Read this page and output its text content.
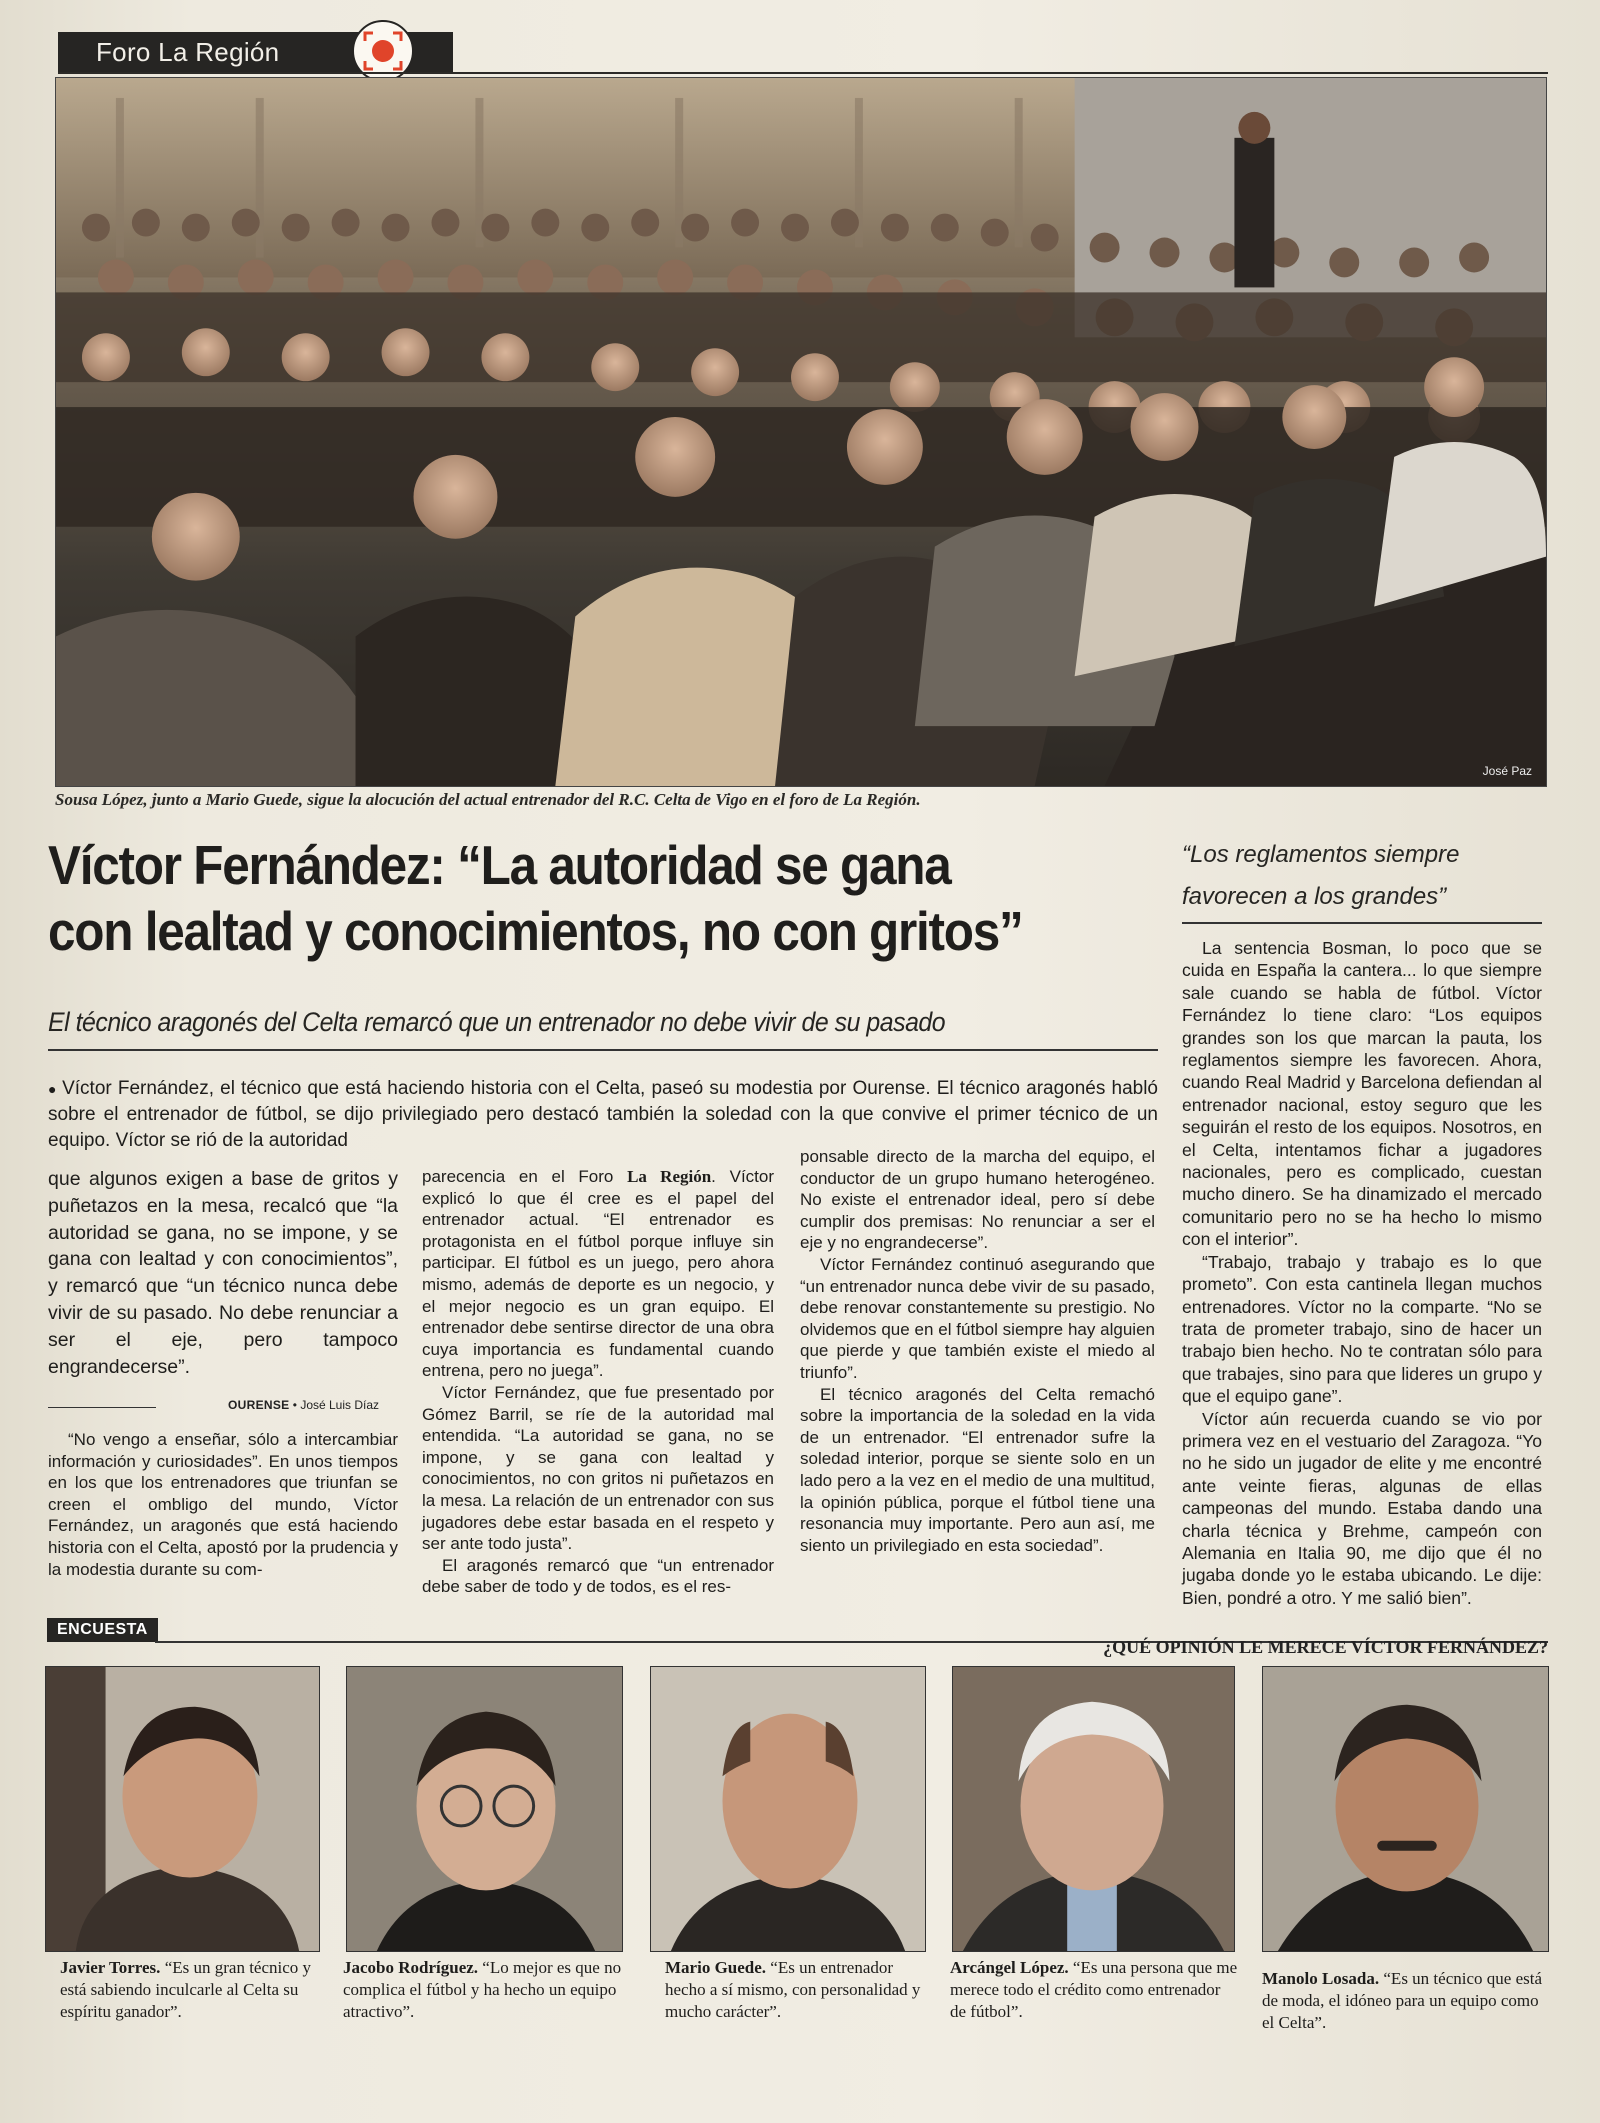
Foro La Región
José Paz
Sousa López, junto a Mario Guede, sigue la alocución del actual entrenador del R.C. Celta de Vigo en el foro de La Región.
Víctor Fernández: “La autoridad se gana
con lealtad y conocimientos, no con gritos”
El técnico aragonés del Celta remarcó que un entrenador no debe vivir de su pasado
● Víctor Fernández, el técnico que está haciendo historia con el Celta, paseó su modestia por Ourense. El técnico aragonés habló sobre el entrenador de fútbol, se dijo privilegiado pero destacó también la soledad con la que convive el primer técnico de un equipo. Víctor se rió de la autoridad
que algunos exigen a base de gritos y puñetazos en la mesa, recalcó que “la autoridad se gana, no se impone, y se gana con lealtad y con conocimientos”, y remarcó que “un técnico nunca debe vivir de su pasado. No debe renunciar a ser el eje, pero tampoco engrandecerse”.
OURENSE • José Luis Díaz
“No vengo a enseñar, sólo a intercambiar información y curiosidades”. En unos tiempos en los que los entrenadores que triunfan se creen el ombligo del mundo, Víctor Fernández, un aragonés que está haciendo historia con el Celta, apostó por la prudencia y la modestia durante su com-

parecencia en el Foro La Región. Víctor explicó lo que él cree es el papel del entrenador actual. “El entrenador es protagonista en el fútbol porque influye sin participar. El fútbol es un juego, pero ahora mismo, además de deporte es un negocio, y el mejor negocio es un gran equipo. El entrenador debe sentirse director de una obra cuya importancia es fundamental cuando entrena, pero no juega”.

Víctor Fernández, que fue presentado por Gómez Barril, se ríe de la autoridad mal entendida. “La autoridad se gana, no se impone, y se gana con lealtad y conocimientos, no con gritos ni puñetazos en la mesa. La relación de un entrenador con sus jugadores debe estar basada en el respeto y ser ante todo justa”.

El aragonés remarcó que “un entrenador debe saber de todo y de todos, es el res-

ponsable directo de la marcha del equipo, el conductor de un grupo humano heterogéneo. No existe el entrenador ideal, pero sí debe cumplir dos premisas: No renunciar a ser el eje y no engrandecerse”.

Víctor Fernández continuó asegurando que “un entrenador nunca debe vivir de su pasado, debe renovar constantemente su prestigio. No olvidemos que en el fútbol siempre hay alguien que pierde y que también existe el miedo al triunfo”.

El técnico aragonés del Celta remachó sobre la importancia de la soledad en la vida de un entrenador. “El entrenador sufre la soledad interior, porque se siente solo en un lado pero a la vez en el medio de una multitud, la opinión pública, porque el fútbol tiene una resonancia muy importante. Pero aun así, me siento un privilegiado en esta sociedad”.

“Los reglamentos siempre
favorecen a los grandes”

La sentencia Bosman, lo poco que se cuida en España la cantera... lo que siempre sale cuando se habla de fútbol. Víctor Fernández lo tiene claro: “Los equipos grandes son los que marcan la pauta, los reglamentos siempre les favorecen. Ahora, cuando Real Madrid y Barcelona defiendan al entrenador nacional, estoy seguro que les seguirán el resto de los equipos. Nosotros, en el Celta, intentamos fichar a jugadores nacionales, pero es complicado, cuestan mucho dinero. Se ha dinamizado el mercado comunitario pero no se ha hecho lo mismo con el interior”.

“Trabajo, trabajo y trabajo es lo que prometo”. Con esta cantinela llegan muchos entrenadores. Víctor no la comparte. “No se trata de prometer trabajo, sino de hacer un trabajo bien hecho. No te contratan sólo para que trabajes, sino para que lideres un grupo y que el equipo gane”.

Víctor aún recuerda cuando se vio por primera vez en el vestuario del Zaragoza. “Yo no he sido un jugador de elite y me encontré ante veinte fieras, algunas de ellas campeonas del mundo. Estaba dando una charla técnica y Brehme, campeón con Alemania en Italia 90, me dijo que él no jugaba donde yo le estaba ubicando. Le dije: Bien, pondré a otro. Y me salió bien”.

ENCUESTA
¿QUÉ OPINIÓN LE MERECE VÍCTOR FERNÁNDEZ?
Javier Torres. “Es un gran técnico y está sabiendo inculcarle al Celta su espíritu ganador”.
Jacobo Rodríguez. “Lo mejor es que no complica el fútbol y ha hecho un equipo atractivo”.
Mario Guede. “Es un entrenador hecho a sí mismo, con personalidad y mucho carácter”.
Arcángel López. “Es una persona que me merece todo el crédito como entrenador de fútbol”.
Manolo Losada. “Es un técnico que está de moda, el idóneo para un equipo como el Celta”.
